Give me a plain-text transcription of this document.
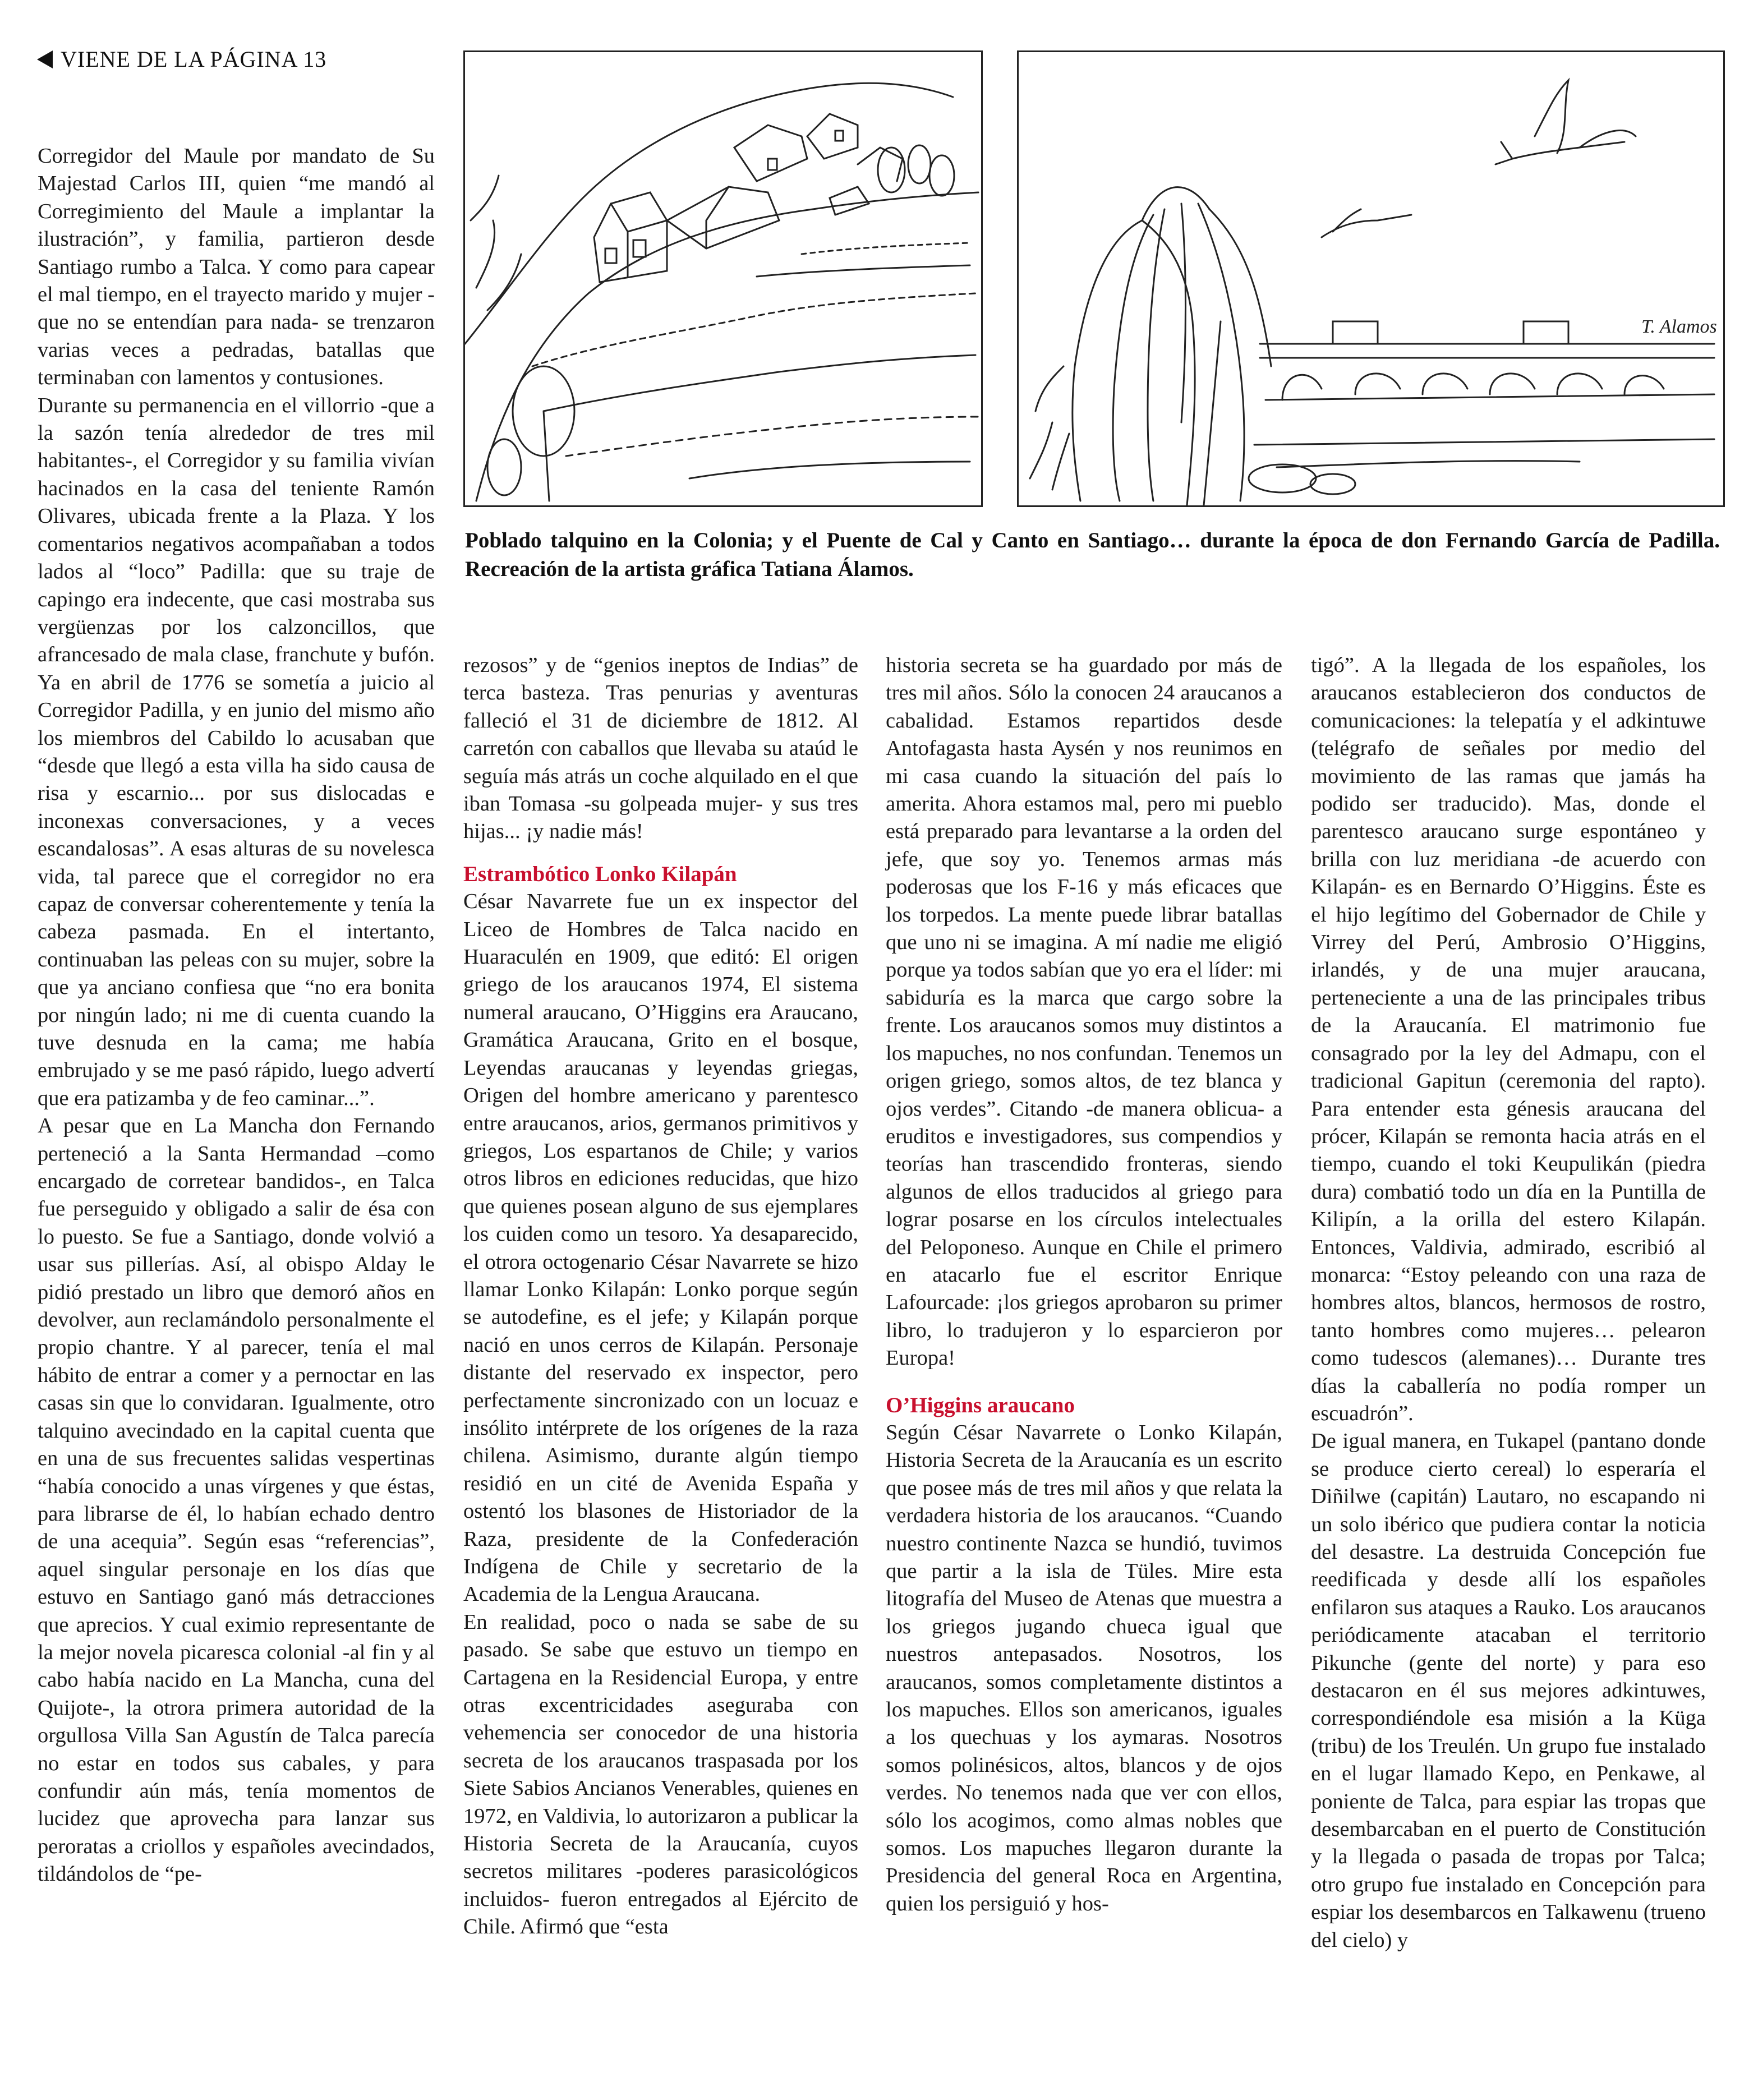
VIENE DE LA PÁGINA 13
T. Alamos
Poblado talquino en la Colonia; y el Puente de Cal y Canto en Santiago… durante la época de don Fernando García de Padilla. Recreación de la artista gráfica Tatiana Álamos.

Corregidor del Maule por mandato de Su Majestad Carlos III, quien “me mandó al Corregimiento del Maule a implantar la ilustración”, y familia, partieron desde Santiago rumbo a Talca. Y como para capear el mal tiempo, en el trayecto marido y mujer -que no se entendían para nada- se trenzaron varias veces a pedradas, batallas que terminaban con lamentos y contusiones.

Durante su permanencia en el villorrio -que a la sazón tenía alrededor de tres mil habitantes-, el Corregidor y su familia vivían hacinados en la casa del teniente Ramón Olivares, ubicada frente a la Plaza. Y los comentarios negativos acompañaban a todos lados al “loco” Padilla: que su traje de capingo era indecente, que casi mostraba sus vergüenzas por los calzoncillos, que afrancesado de mala clase, franchute y bufón. Ya en abril de 1776 se sometía a juicio al Corregidor Padilla, y en junio del mismo año los miembros del Cabildo lo acusaban que “desde que llegó a esta villa ha sido causa de risa y escarnio... por sus dislocadas e inconexas conversaciones, y a veces escandalosas”. A esas alturas de su novelesca vida, tal parece que el corregidor no era capaz de conversar coherentemente y tenía la cabeza pasmada. En el intertanto, continuaban las peleas con su mujer, sobre la que ya anciano confiesa que “no era bonita por ningún lado; ni me di cuenta cuando la tuve desnuda en la cama; me había embrujado y se me pasó rápido, luego advertí que era patizamba y de feo caminar...”.

A pesar que en La Mancha don Fernando perteneció a la Santa Hermandad –como encargado de corretear bandidos-, en Talca fue perseguido y obligado a salir de ésa con lo puesto. Se fue a Santiago, donde volvió a usar sus pillerías. Así, al obispo Alday le pidió prestado un libro que demoró años en devolver, aun reclamándolo personalmente el propio chantre. Y al parecer, tenía el mal hábito de entrar a comer y a pernoctar en las casas sin que lo convidaran. Igualmente, otro talquino avecindado en la capital cuenta que en una de sus frecuentes salidas vespertinas “había conocido a unas vírgenes y que éstas, para librarse de él, lo habían echado dentro de una acequia”. Según esas “referencias”, aquel singular personaje en los días que estuvo en Santiago ganó más detracciones que aprecios. Y cual eximio representante de la mejor novela picaresca colonial -al fin y al cabo había nacido en La Mancha, cuna del Quijote-, la otrora primera autoridad de la orgullosa Villa San Agustín de Talca parecía no estar en todos sus cabales, y para confundir aún más, tenía momentos de lucidez que aprovecha para lanzar sus peroratas a criollos y españoles avecindados, tildándolos de “pe-

rezosos” y de “genios ineptos de Indias” de terca basteza. Tras penurias y aventuras falleció el 31 de diciembre de 1812. Al carretón con caballos que llevaba su ataúd le seguía más atrás un coche alquilado en el que iban Tomasa -su golpeada mujer- y sus tres hijas... ¡y nadie más!

Estrambótico Lonko Kilapán

César Navarrete fue un ex inspector del Liceo de Hombres de Talca nacido en Huaraculén en 1909, que editó: El origen griego de los araucanos 1974, El sistema numeral araucano, O’Higgins era Araucano, Gramática Araucana, Grito en el bosque, Leyendas araucanas y leyendas griegas, Origen del hombre americano y parentesco entre araucanos, arios, germanos primitivos y griegos, Los espartanos de Chile; y varios otros libros en ediciones reducidas, que hizo que quienes posean alguno de sus ejemplares los cuiden como un tesoro. Ya desaparecido, el otrora octogenario César Navarrete se hizo llamar Lonko Kilapán: Lonko porque según se autodefine, es el jefe; y Kilapán porque nació en unos cerros de Kilapán. Personaje distante del reservado ex inspector, pero perfectamente sincronizado con un locuaz e insólito intérprete de los orígenes de la raza chilena. Asimismo, durante algún tiempo residió en un cité de Avenida España y ostentó los blasones de Historiador de la Raza, presidente de la Confederación Indígena de Chile y secretario de la Academia de la Lengua Araucana.

En realidad, poco o nada se sabe de su pasado. Se sabe que estuvo un tiempo en Cartagena en la Residencial Europa, y entre otras excentricidades aseguraba con vehemencia ser conocedor de una historia secreta de los araucanos traspasada por los Siete Sabios Ancianos Venerables, quienes en 1972, en Valdivia, lo autorizaron a publicar la Historia Secreta de la Araucanía, cuyos secretos militares -poderes parasicológicos incluidos- fueron entregados al Ejército de Chile. Afirmó que “esta

historia secreta se ha guardado por más de tres mil años. Sólo la conocen 24 araucanos a cabalidad. Estamos repartidos desde Antofagasta hasta Aysén y nos reunimos en mi casa cuando la situación del país lo amerita. Ahora estamos mal, pero mi pueblo está preparado para levantarse a la orden del jefe, que soy yo. Tenemos armas más poderosas que los F-16 y más eficaces que los torpedos. La mente puede librar batallas que uno ni se imagina. A mí nadie me eligió porque ya todos sabían que yo era el líder: mi sabiduría es la marca que cargo sobre la frente. Los araucanos somos muy distintos a los mapuches, no nos confundan. Tenemos un origen griego, somos altos, de tez blanca y ojos verdes”. Citando -de manera oblicua- a eruditos e investigadores, sus compendios y teorías han trascendido fronteras, siendo algunos de ellos traducidos al griego para lograr posarse en los círculos intelectuales del Peloponeso. Aunque en Chile el primero en atacarlo fue el escritor Enrique Lafourcade: ¡los griegos aprobaron su primer libro, lo tradujeron y lo esparcieron por Europa!

O’Higgins araucano

Según César Navarrete o Lonko Kilapán, Historia Secreta de la Araucanía es un escrito que posee más de tres mil años y que relata la verdadera historia de los araucanos. “Cuando nuestro continente Nazca se hundió, tuvimos que partir a la isla de Tüles. Mire esta litografía del Museo de Atenas que muestra a los griegos jugando chueca igual que nuestros antepasados. Nosotros, los araucanos, somos completamente distintos a los mapuches. Ellos son americanos, iguales a los quechuas y los aymaras. Nosotros somos polinésicos, altos, blancos y de ojos verdes. No tenemos nada que ver con ellos, sólo los acogimos, como almas nobles que somos. Los mapuches llegaron durante la Presidencia del general Roca en Argentina, quien los persiguió y hos-

tigó”. A la llegada de los españoles, los araucanos establecieron dos conductos de comunicaciones: la telepatía y el adkintuwe (telégrafo de señales por medio del movimiento de las ramas que jamás ha podido ser traducido). Mas, donde el parentesco araucano surge espontáneo y brilla con luz meridiana -de acuerdo con Kilapán- es en Bernardo O’Higgins. Éste es el hijo legítimo del Gobernador de Chile y Virrey del Perú, Ambrosio O’Higgins, irlandés, y de una mujer araucana, perteneciente a una de las principales tribus de la Araucanía. El matrimonio fue consagrado por la ley del Admapu, con el tradicional Gapitun (ceremonia del rapto). Para entender esta génesis araucana del prócer, Kilapán se remonta hacia atrás en el tiempo, cuando el toki Keupulikán (piedra dura) combatió todo un día en la Puntilla de Kilipín, a la orilla del estero Kilapán. Entonces, Valdivia, admirado, escribió al monarca: “Estoy peleando con una raza de hombres altos, blancos, hermosos de rostro, tanto hombres como mujeres… pelearon como tudescos (alemanes)… Durante tres días la caballería no podía romper un escuadrón”.

De igual manera, en Tukapel (pantano donde se produce cierto cereal) lo esperaría el Diñilwe (capitán) Lautaro, no escapando ni un solo ibérico que pudiera contar la noticia del desastre. La destruida Concepción fue reedificada y desde allí los españoles enfilaron sus ataques a Rauko. Los araucanos periódicamente atacaban el territorio Pikunche (gente del norte) y para eso destacaron en él sus mejores adkintuwes, correspondiéndole esa misión a la Küga (tribu) de los Treulén. Un grupo fue instalado en el lugar llamado Kepo, en Penkawe, al poniente de Talca, para espiar las tropas que desembarcaban en el puerto de Constitución y la llegada o pasada de tropas por Talca; otro grupo fue instalado en Concepción para espiar los desembarcos en Talkawenu (trueno del cielo) y
